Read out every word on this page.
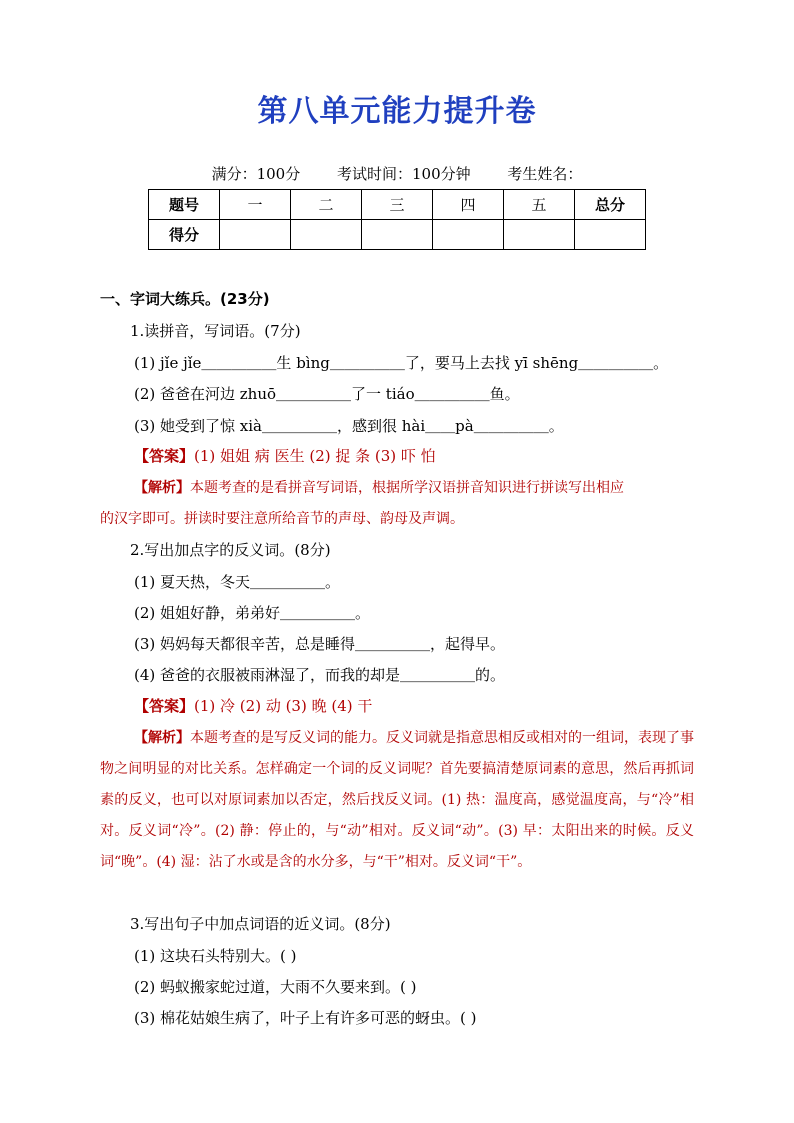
第八单元能力提升卷
满分：100分 考试时间：100分钟 考生姓名：
题号	一	二	三	四	五	总分
得分						
一、字词大练兵。(23分)
1.读拼音，写词语。(7分)
(1) jǐe jǐe＿＿＿＿＿生 bìng＿＿＿＿＿了，要马上去找 yī shēng＿＿＿＿＿。
(2) 爸爸在河边 zhuō＿＿＿＿＿了一 tiáo＿＿＿＿＿鱼。
(3) 她受到了惊 xià＿＿＿＿＿，感到很 hài＿＿pà＿＿＿＿＿。
【答案】(1) 姐姐 病 医生 (2) 捉 条 (3) 吓 怕
【解析】本题考查的是看拼音写词语，根据所学汉语拼音知识进行拼读写出相应
的汉字即可。拼读时要注意所给音节的声母、韵母及声调。
2.写出加点字的反义词。(8分)
(1) 夏天热，冬天＿＿＿＿＿。
(2) 姐姐好静，弟弟好＿＿＿＿＿。
(3) 妈妈每天都很辛苦，总是睡得＿＿＿＿＿，起得早。
(4) 爸爸的衣服被雨淋湿了，而我的却是＿＿＿＿＿的。
【答案】(1) 冷 (2) 动 (3) 晚 (4) 干
【解析】本题考查的是写反义词的能力。反义词就是指意思相反或相对的一组词，表现了事物之间明显的对比关系。怎样确定一个词的反义词呢？首先要搞清楚原词素的意思，然后再抓词素的反义，也可以对原词素加以否定，然后找反义词。(1) 热：温度高，感觉温度高，与“冷”相对。反义词“冷”。(2) 静：停止的，与“动”相对。反义词“动”。(3) 早：太阳出来的时候。反义词“晚”。(4) 湿：沾了水或是含的水分多，与“干”相对。反义词“干”。
3.写出句子中加点词语的近义词。(8分)
(1) 这块石头特别大。( )
(2) 蚂蚁搬家蛇过道，大雨不久要来到。( )
(3) 棉花姑娘生病了，叶子上有许多可恶的蚜虫。( )
